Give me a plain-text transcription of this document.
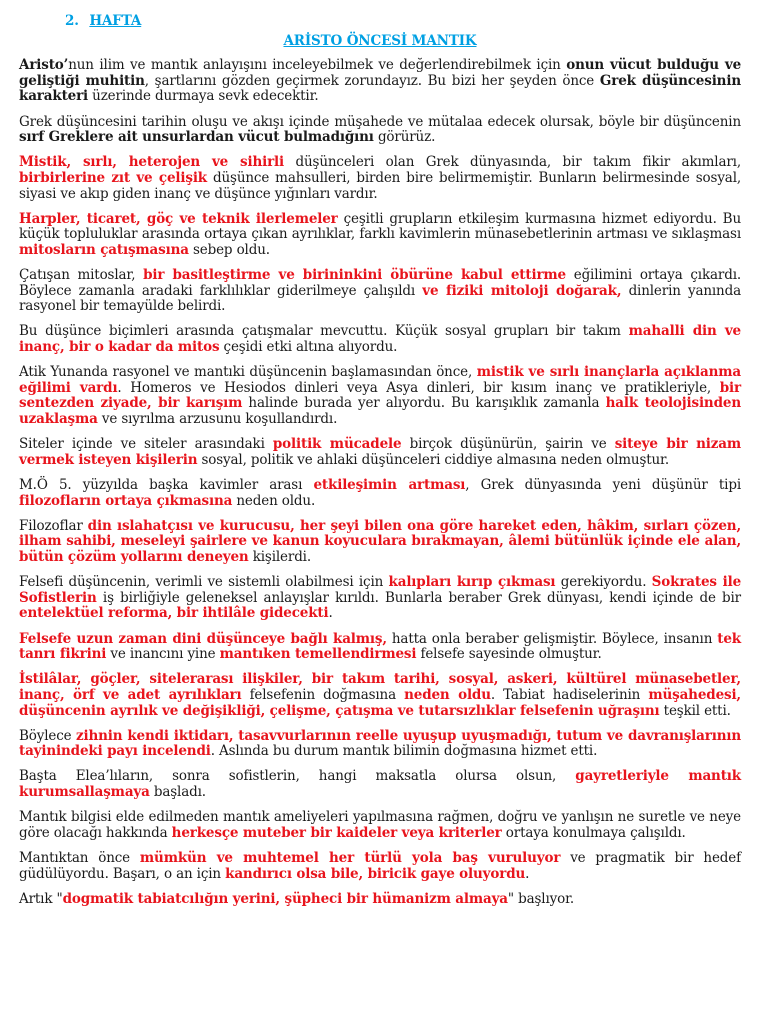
2. HAFTA
ARİSTO ÖNCESİ MANTIK

Aristo’nun ilim ve mantık anlayışını inceleyebilmek ve değerlendirebilmek için onun vücut bulduğu ve geliştiği muhitin, şartlarını gözden geçirmek zorundayız. Bu bizi her şeyden önce Grek düşüncesinin karakteri üzerinde durmaya sevk edecektir.

Grek düşüncesini tarihin oluşu ve akışı içinde müşahede ve mütalaa edecek olursak, böyle bir düşüncenin sırf Greklere ait unsurlardan vücut bulmadığını görürüz.

Mistik, sırlı, heterojen ve sihirli düşünceleri olan Grek dünyasında, bir takım fikir akımları, birbirlerine zıt ve çelişik düşünce mahsulleri, birden bire belirmemiştir. Bunların belirmesinde sosyal, siyasi ve akıp giden inanç ve düşünce yığınları vardır.

Harpler, ticaret, göç ve teknik ilerlemeler çeşitli grupların etkileşim kurmasına hizmet ediyordu. Bu küçük topluluklar arasında ortaya çıkan ayrılıklar, farklı kavimlerin münasebetlerinin artması ve sıklaşması mitosların çatışmasına sebep oldu.

Çatışan mitoslar, bir basitleştirme ve birininkini öbürüne kabul ettirme eğilimini ortaya çıkardı. Böylece zamanla aradaki farklılıklar giderilmeye çalışıldı ve fiziki mitoloji doğarak, dinlerin yanında rasyonel bir temayülde belirdi.

Bu düşünce biçimleri arasında çatışmalar mevcuttu. Küçük sosyal grupları bir takım mahalli din ve inanç, bir o kadar da mitos çeşidi etki altına alıyordu.

Atik Yunanda rasyonel ve mantıki düşüncenin başlamasından önce, mistik ve sırlı inançlarla açıklanma eğilimi vardı. Homeros ve Hesiodos dinleri veya Asya dinleri, bir kısım inanç ve pratikleriyle, bir sentezden ziyade, bir karışım halinde burada yer alıyordu. Bu karışıklık zamanla halk teolojisinden uzaklaşma ve sıyrılma arzusunu koşullandırdı.

Siteler içinde ve siteler arasındaki politik mücadele birçok düşünürün, şairin ve siteye bir nizam vermek isteyen kişilerin sosyal, politik ve ahlaki düşünceleri ciddiye almasına neden olmuştur.

M.Ö 5. yüzyılda başka kavimler arası etkileşimin artması, Grek dünyasında yeni düşünür tipi filozofların ortaya çıkmasına neden oldu.

Filozoflar din ıslahatçısı ve kurucusu, her şeyi bilen ona göre hareket eden, hâkim, sırları çözen, ilham sahibi, meseleyi şairlere ve kanun koyuculara bırakmayan, âlemi bütünlük içinde ele alan, bütün çözüm yollarını deneyen kişilerdi.

Felsefi düşüncenin, verimli ve sistemli olabilmesi için kalıpları kırıp çıkması gerekiyordu. Sokrates ile Sofistlerin iş birliğiyle geleneksel anlayışlar kırıldı. Bunlarla beraber Grek dünyası, kendi içinde de bir entelektüel reforma, bir ihtilâle gidecekti.

Felsefe uzun zaman dini düşünceye bağlı kalmış, hatta onla beraber gelişmiştir. Böylece, insanın tek tanrı fikrini ve inancını yine mantıken temellendirmesi felsefe sayesinde olmuştur.

İstilâlar, göçler, sitelerarası ilişkiler, bir takım tarihi, sosyal, askeri, kültürel münasebetler, inanç, örf ve adet ayrılıkları felsefenin doğmasına neden oldu. Tabiat hadiselerinin müşahedesi, düşüncenin ayrılık ve değişikliği, çelişme, çatışma ve tutarsızlıklar felsefenin uğraşını teşkil etti.

Böylece zihnin kendi iktidarı, tasavvurlarının reelle uyuşup uyuşmadığı, tutum ve davranışlarının tayinindeki payı incelendi. Aslında bu durum mantık bilimin doğmasına hizmet etti.

Başta Elea’lıların, sonra sofistlerin, hangi maksatla olursa olsun, gayretleriyle mantık kurumsallaşmaya başladı.

Mantık bilgisi elde edilmeden mantık ameliyeleri yapılmasına rağmen, doğru ve yanlışın ne suretle ve neye göre olacağı hakkında herkesçe muteber bir kaideler veya kriterler ortaya konulmaya çalışıldı.

Mantıktan önce mümkün ve muhtemel her türlü yola baş vuruluyor ve pragmatik bir hedef güdülüyordu. Başarı, o an için kandırıcı olsa bile, biricik gaye oluyordu.

Artık "dogmatik tabiatcılığın yerini, şüpheci bir hümanizm almaya" başlıyor.
